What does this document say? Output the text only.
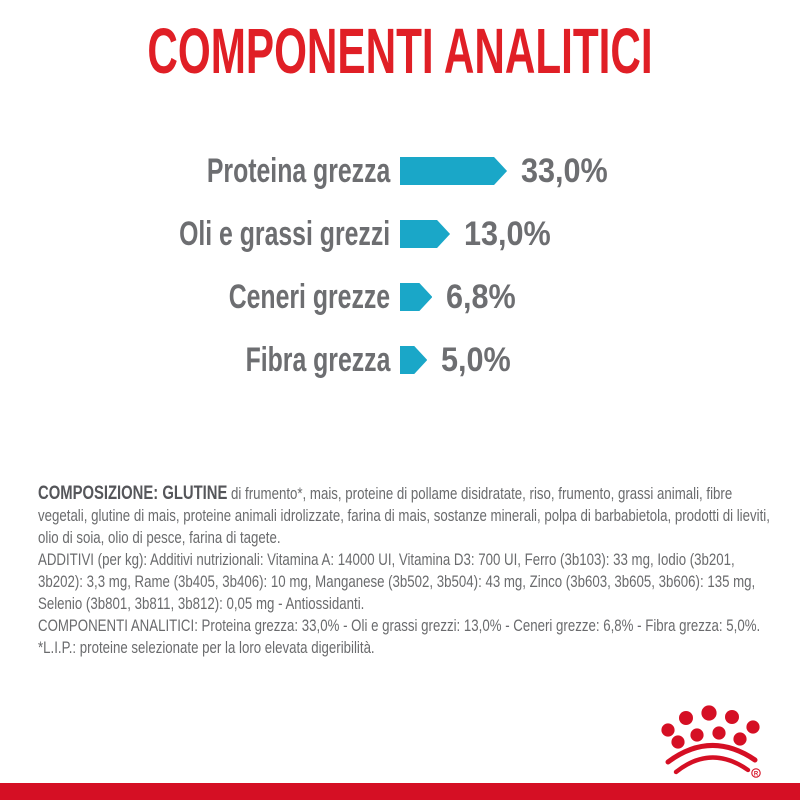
COMPONENTI ANALITICI
Proteina grezza	33,0%
Oli e grassi grezzi 13,0%
Ceneri grezze 6,8%
Fibra grezza 5,0%

COMPOSIZIONE: GLUTINE di frumento*, mais, proteine di pollame disidratate, riso, frumento, grassi animali, fibre vegetali, glutine di mais, proteine animali idrolizzate, farina di mais, sostanze minerali, polpa di barbabietola, prodotti di lieviti, olio di soia, olio di pesce, farina di tagete.

ADDITIVI (per kg): Additivi nutrizionali: Vitamina A: 14000 UI, Vitamina D3: 700 UI, Ferro (3b103): 33 mg, Iodio (3b201, 3b202): 3,3 mg, Rame (3b405, 3b406): 10 mg, Manganese (3b502, 3b504): 43 mg, Zinco (3b603, 3b605, 3b606): 135 mg, Selenio (3b801, 3b811, 3b812): 0,05 mg - Antiossidanti.

COMPONENTI ANALITICI: Proteina grezza: 33,0% - Oli e grassi grezzi: 13,0% - Ceneri grezze: 6,8% - Fibra grezza: 5,0%.

*L.I.P.: proteine selezionate per la loro elevata digeribilità.

R
